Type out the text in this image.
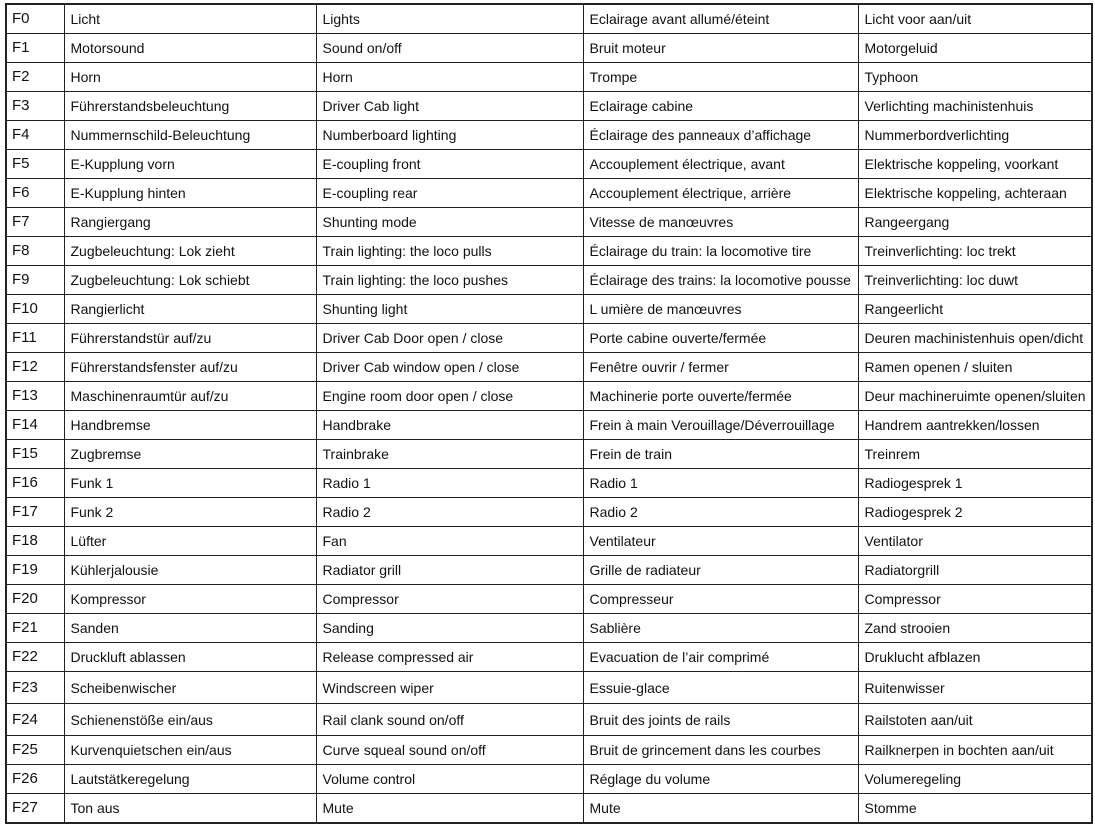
F0	Licht	Lights	Eclairage avant allumé/éteint	Licht voor aan/uit
F1	Motorsound	Sound on/off	Bruit moteur	Motorgeluid
F2	Horn	Horn	Trompe	Typhoon
F3	Führerstandsbeleuchtung	Driver Cab light	Eclairage cabine	Verlichting machinistenhuis
F4	Nummernschild-Beleuchtung	Numberboard lighting	Éclairage des panneaux d’affichage	Nummerbordverlichting
F5	E-Kupplung vorn	E-coupling front	Accouplement électrique, avant	Elektrische koppeling, voorkant
F6	E-Kupplung hinten	E-coupling rear	Accouplement électrique, arrière	Elektrische koppeling, achteraan
F7	Rangiergang	Shunting mode	Vitesse de manœuvres	Rangeergang
F8	Zugbeleuchtung: Lok zieht	Train lighting: the loco pulls	Éclairage du train: la locomotive tire	Treinverlichting: loc trekt
F9	Zugbeleuchtung: Lok schiebt	Train lighting: the loco pushes	Éclairage des trains: la locomotive pousse	Treinverlichting: loc duwt
F10	Rangierlicht	Shunting light	L umière de manœuvres	Rangeerlicht
F11	Führerstandstür auf/zu	Driver Cab Door open / close	Porte cabine ouverte/fermée	Deuren machinistenhuis open/dicht
F12	Führerstandsfenster auf/zu	Driver Cab window open / close	Fenêtre ouvrir / fermer	Ramen openen / sluiten
F13	Maschinenraumtür auf/zu	Engine room door open / close	Machinerie porte ouverte/fermée	Deur machineruimte openen/sluiten
F14	Handbremse	Handbrake	Frein à main Verouillage/Déverrouillage	Handrem aantrekken/lossen
F15	Zugbremse	Trainbrake	Frein de train	Treinrem
F16	Funk 1	Radio 1	Radio 1	Radiogesprek 1
F17	Funk 2	Radio 2	Radio 2	Radiogesprek 2
F18	Lüfter	Fan	Ventilateur	Ventilator
F19	Kühlerjalousie	Radiator grill	Grille de radiateur	Radiatorgrill
F20	Kompressor	Compressor	Compresseur	Compressor
F21	Sanden	Sanding	Sablière	Zand strooien
F22	Druckluft ablassen	Release compressed air	Evacuation de l’air comprimé	Druklucht afblazen
F23	Scheibenwischer	Windscreen wiper	Essuie-glace	Ruitenwisser
F24	Schienenstöße ein/aus	Rail clank sound on/off	Bruit des joints de rails	Railstoten aan/uit
F25	Kurvenquietschen ein/aus	Curve squeal sound on/off	Bruit de grincement dans les courbes	Railknerpen in bochten aan/uit
F26	Lautstätkeregelung	Volume control	Réglage du volume	Volumeregeling
F27	Ton aus	Mute	Mute	Stomme
